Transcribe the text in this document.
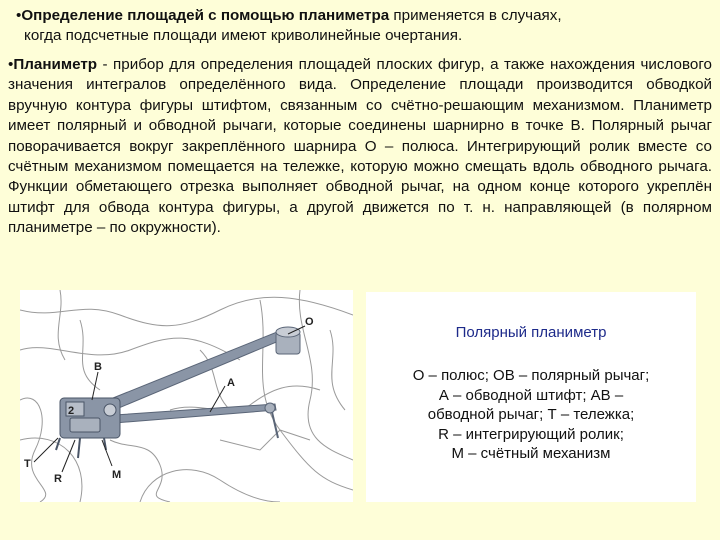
•Определение площадей с помощью планиметра применяется в случаях,
когда подсчетные площади имеют криволинейные очертания.
•Планиметр - прибор для определения площадей плоских фигур, а также нахождения числового значения интегралов определённого вида. Определение площади производится обводкой вручную контура фигуры штифтом, связанным со счётно-решающим механизмом. Планиметр имеет полярный и обводной рычаги, которые соединены шарнирно в точке В. Полярный рычаг поворачивается вокруг закреплённого шарнира О – полюса. Интегрирующий ролик вместе со счётным механизмом помещается на тележке, которую можно смещать вдоль обводного рычага. Функции обметающего отрезка выполняет обводной рычаг, на одном конце которого укреплён штифт для обвода контура фигуры, а другой движется по т. н. направляющей (в полярном планиметре – по окружности).
O
B
A
T
R	M
2
Полярный планиметр
О – полюс; ОВ – полярный рычаг;
А – обводной штифт; АВ –
обводной рычаг; Т – тележка;
R – интегрирующий ролик;
М – счётный механизм
